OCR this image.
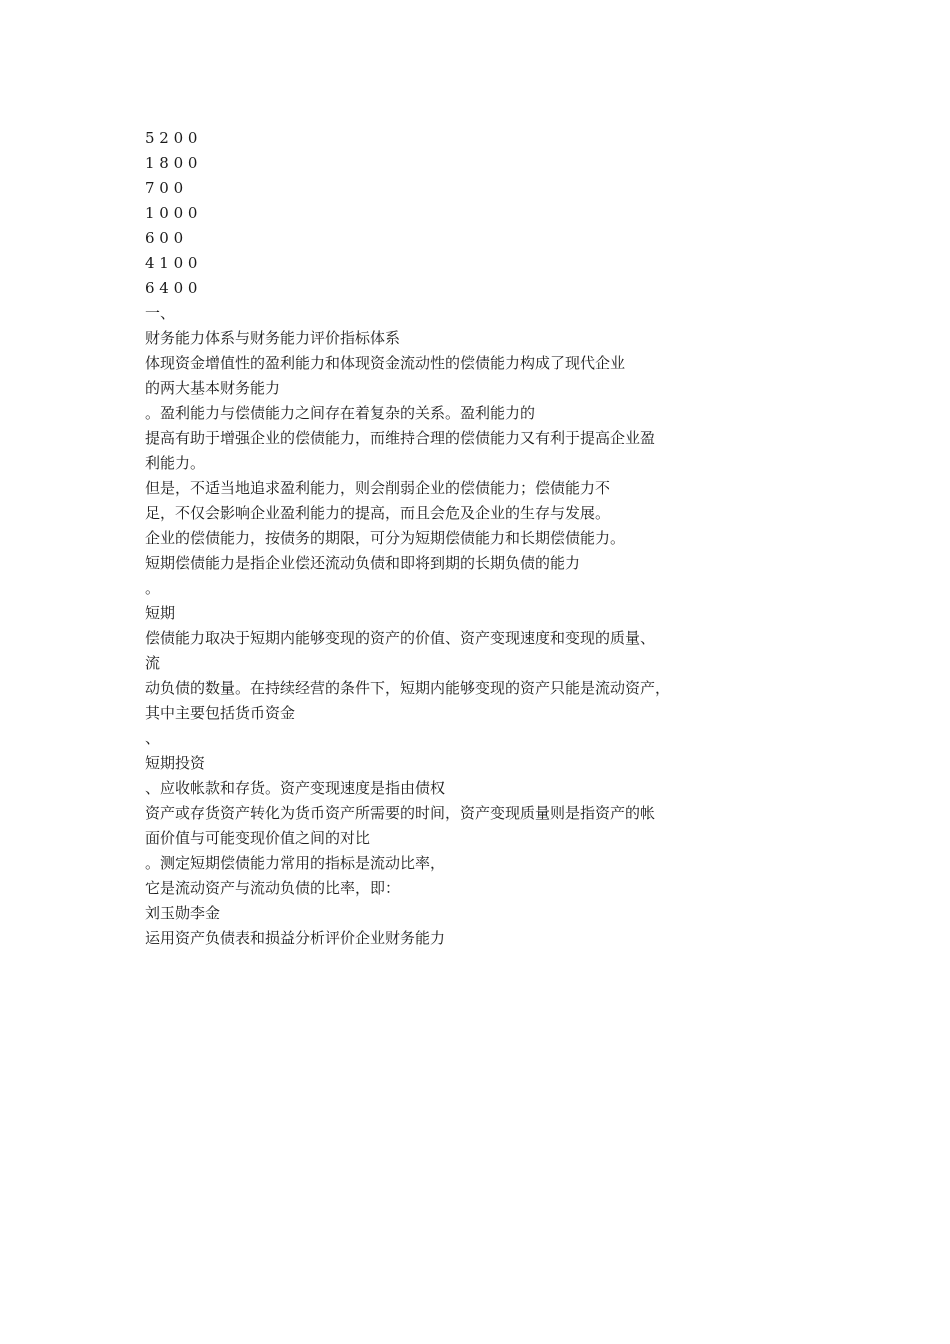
5 2 0 0
1 8 0 0
7 0 0
1 0 0 0
6 0 0
4 1 0 0
6 4 0 0
一、
财务能力体系与财务能力评价指标体系
体现资金增值性的盈利能力和体现资金流动性的偿债能力构成了现代企业
的两大基本财务能力
。盈利能力与偿债能力之间存在着复杂的关系。盈利能力的
提高有助于增强企业的偿债能力，而维持合理的偿债能力又有利于提高企业盈
利能力。
但是，不适当地追求盈利能力，则会削弱企业的偿债能力；偿债能力不
足，不仅会影响企业盈利能力的提高，而且会危及企业的生存与发展。
企业的偿债能力，按债务的期限，可分为短期偿债能力和长期偿债能力。
短期偿债能力是指企业偿还流动负债和即将到期的长期负债的能力
。
短期
偿债能力取决于短期内能够变现的资产的价值、资产变现速度和变现的质量、
流
动负债的数量。在持续经营的条件下，短期内能够变现的资产只能是流动资产，
其中主要包括货币资金
、
短期投资
、应收帐款和存货。资产变现速度是指由债权
资产或存货资产转化为货币资产所需要的时间，资产变现质量则是指资产的帐
面价值与可能变现价值之间的对比
。测定短期偿债能力常用的指标是流动比率，
它是流动资产与流动负债的比率，即：
刘玉勋李金
运用资产负债表和损益分析评价企业财务能力
